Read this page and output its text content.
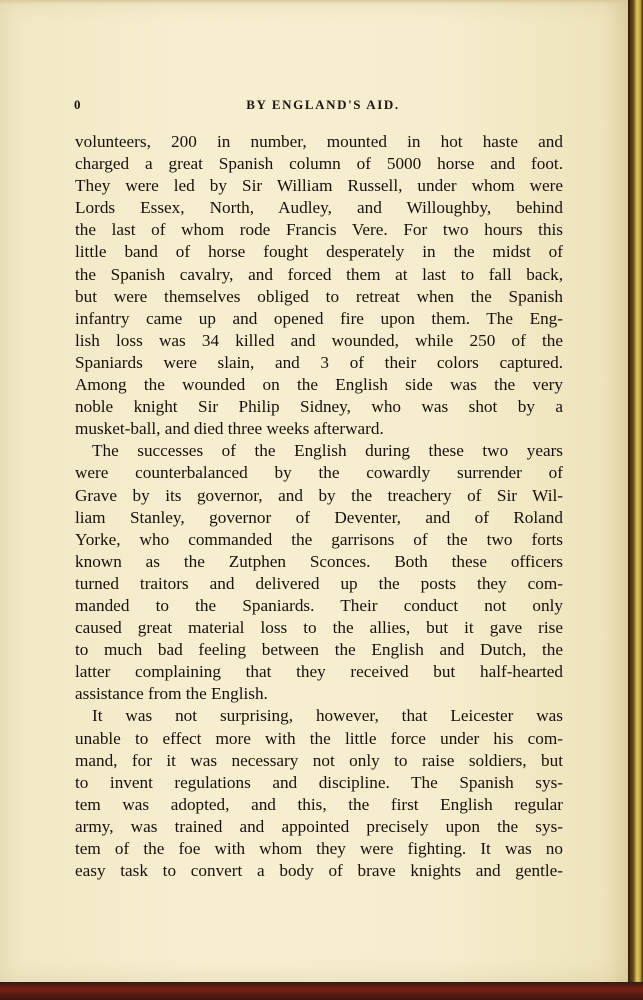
0	BY ENGLAND'S AID.
volunteers, 200 in number, mounted in hot haste and
charged a great Spanish column of 5000 horse and foot.
They were led by Sir William Russell, under whom were
Lords Essex, North, Audley, and Willoughby, behind
the last of whom rode Francis Vere. For two hours this
little band of horse fought desperately in the midst of
the Spanish cavalry, and forced them at last to fall back,
but were themselves obliged to retreat when the Spanish
infantry came up and opened fire upon them. The Eng-
lish loss was 34 killed and wounded, while 250 of the
Spaniards were slain, and 3 of their colors captured.
Among the wounded on the English side was the very
noble knight Sir Philip Sidney, who was shot by a
musket-ball, and died three weeks afterward.
The successes of the English during these two years
were counterbalanced by the cowardly surrender of
Grave by its governor, and by the treachery of Sir Wil-
liam Stanley, governor of Deventer, and of Roland
Yorke, who commanded the garrisons of the two forts
known as the Zutphen Sconces. Both these officers
turned traitors and delivered up the posts they com-
manded to the Spaniards. Their conduct not only
caused great material loss to the allies, but it gave rise
to much bad feeling between the English and Dutch, the
latter complaining that they received but half-hearted
assistance from the English.
It was not surprising, however, that Leicester was
unable to effect more with the little force under his com-
mand, for it was necessary not only to raise soldiers, but
to invent regulations and discipline. The Spanish sys-
tem was adopted, and this, the first English regular
army, was trained and appointed precisely upon the sys-
tem of the foe with whom they were fighting. It was no
easy task to convert a body of brave knights and gentle-
